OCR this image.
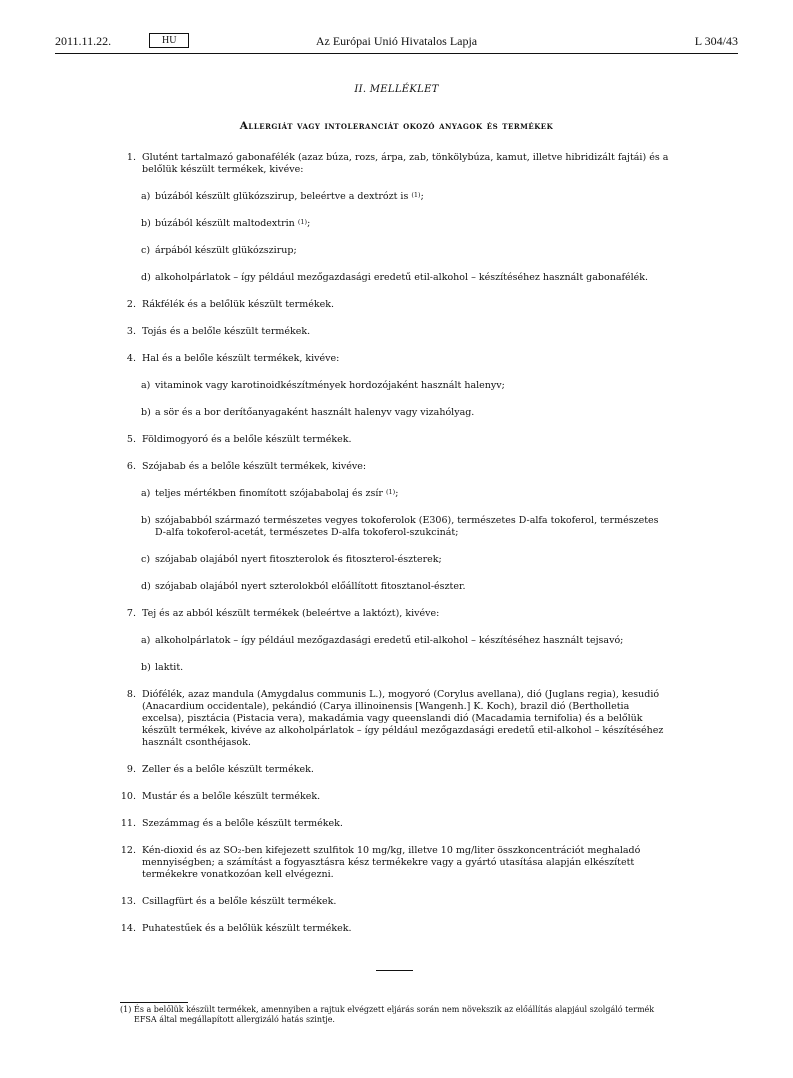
2011.11.22.	HU	Az Európai Unió Hivatalos Lapja	L 304/43
II. MELLÉKLET
Allergiát vagy intoleranciát okozó anyagok és termékek
1. Glutént tartalmazó gabonafélék (azaz búza, rozs, árpa, zab, tönkölybúza, kamut, illetve hibridizált fajtái) és a belőlük készült termékek, kivéve:
a) búzából készült glükózszirup, beleértve a dextrózt is $^{(1)}$;
b) búzából készült maltodextrin $^{(1)}$;
c) árpából készült glükózszirup;
d) alkoholpárlatok – így például mezőgazdasági eredetű etil-alkohol – készítéséhez használt gabonafélék.
2. Rákfélék és a belőlük készült termékek.
3. Tojás és a belőle készült termékek.
4. Hal és a belőle készült termékek, kivéve:
a) vitaminok vagy karotinoidkészítmények hordozójaként használt halenyv;
b) a sör és a bor derítőanyagaként használt halenyv vagy vizahólyag.
5. Földimogyoró és a belőle készült termékek.
6. Szójabab és a belőle készült termékek, kivéve:
a) teljes mértékben finomított szójababolaj és zsír $^{(1)}$;
b) szójababból származó természetes vegyes tokoferolok (E306), természetes D-alfa tokoferol, természetes D-alfa tokoferol-acetát, természetes D-alfa tokoferol-szukcinát;
c) szójabab olajából nyert fitoszterolok és fitoszterol-észterek;
d) szójabab olajából nyert szterolokból előállított fitosztanol-észter.
7. Tej és az abból készült termékek (beleértve a laktózt), kivéve:
a) alkoholpárlatok – így például mezőgazdasági eredetű etil-alkohol – készítéséhez használt tejsavó;
b) laktit.
8. Diófélék, azaz mandula (Amygdalus communis L.), mogyoró (Corylus avellana), dió (Juglans regia), kesudió (Anacardium occidentale), pekándió (Carya illinoinensis [Wangenh.] K. Koch), brazil dió (Bertholletia excelsa), pisztácia (Pistacia vera), makadámia vagy queenslandi dió (Macadamia ternifolia) és a belőlük készült termékek, kivéve az alkoholpárlatok – így például mezőgazdasági eredetű etil-alkohol – készítéséhez használt csonthéjasok.
9. Zeller és a belőle készült termékek.
10. Mustár és a belőle készült termékek.
11. Szezámmag és a belőle készült termékek.
12. Kén-dioxid és az SO₂-ben kifejezett szulfitok 10 mg/kg, illetve 10 mg/liter összkoncentrációt meghaladó mennyiségben; a számítást a fogyasztásra kész termékekre vagy a gyártó utasítása alapján elkészített termékekre vonatkozóan kell elvégezni.
13. Csillagfürt és a belőle készült termékek.
14. Puhatestűek és a belőlük készült termékek.
(1) És a belőlük készült termékek, amennyiben a rajtuk elvégzett eljárás során nem növekszik az előállítás alapjául szolgáló termék EFSA által megállapított allergizáló hatás szintje.
